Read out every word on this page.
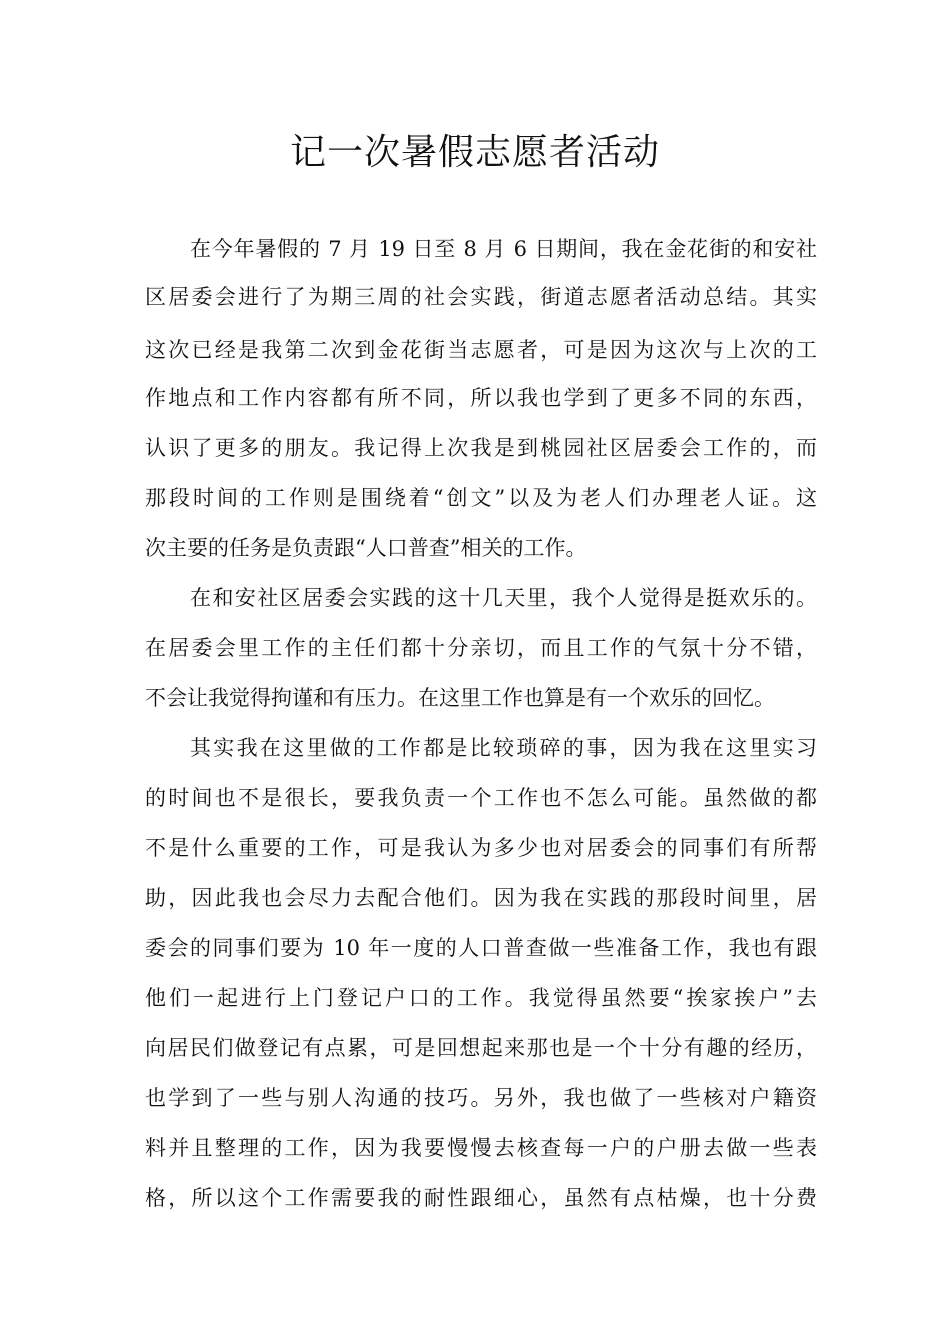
记一次暑假志愿者活动
在今年暑假的 7 月 19 日至 8 月 6 日期间，我在金花街的和安社
区居委会进行了为期三周的社会实践，街道志愿者活动总结。其实
这次已经是我第二次到金花街当志愿者，可是因为这次与上次的工
作地点和工作内容都有所不同，所以我也学到了更多不同的东西，
认识了更多的朋友。我记得上次我是到桃园社区居委会工作的，而
那段时间的工作则是围绕着“创文”以及为老人们办理老人证。这
次主要的任务是负责跟“人口普查”相关的工作。
在和安社区居委会实践的这十几天里，我个人觉得是挺欢乐的。
在居委会里工作的主任们都十分亲切，而且工作的气氛十分不错，
不会让我觉得拘谨和有压力。在这里工作也算是有一个欢乐的回忆。
其实我在这里做的工作都是比较琐碎的事，因为我在这里实习
的时间也不是很长，要我负责一个工作也不怎么可能。虽然做的都
不是什么重要的工作，可是我认为多少也对居委会的同事们有所帮
助，因此我也会尽力去配合他们。因为我在实践的那段时间里，居
委会的同事们要为 10 年一度的人口普查做一些准备工作，我也有跟
他们一起进行上门登记户口的工作。我觉得虽然要“挨家挨户”去
向居民们做登记有点累，可是回想起来那也是一个十分有趣的经历，
也学到了一些与别人沟通的技巧。另外，我也做了一些核对户籍资
料并且整理的工作，因为我要慢慢去核查每一户的户册去做一些表
格，所以这个工作需要我的耐性跟细心，虽然有点枯燥，也十分费
